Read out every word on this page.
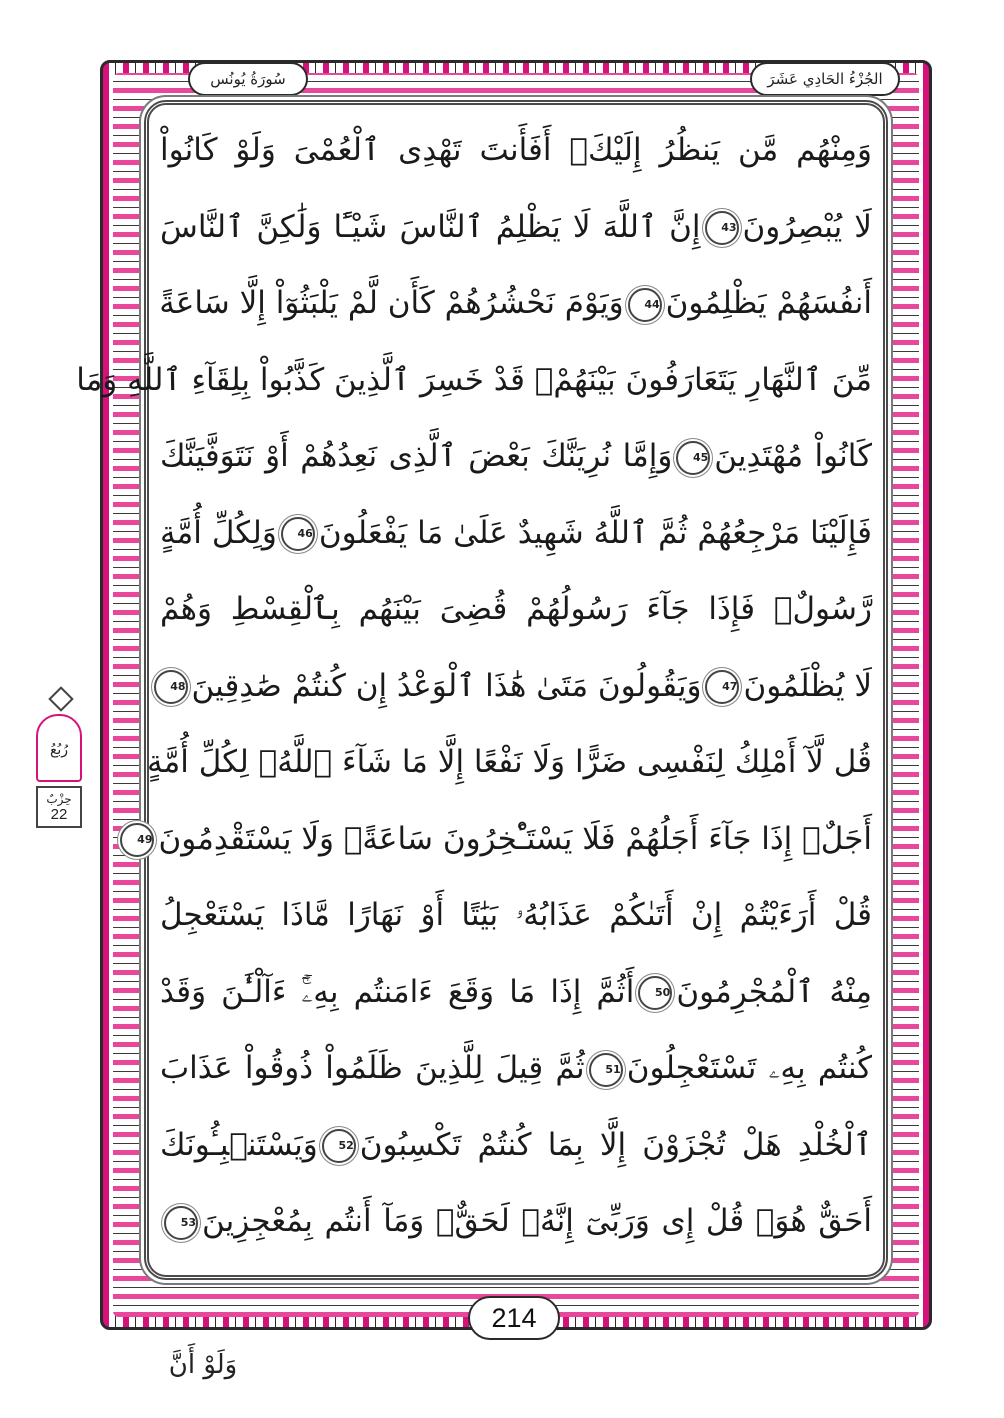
سُورَةُ يُونُس	الجُزْءُ الحَادِي عَشَرَ
وَمِنْهُم مَّن يَنظُرُ إِلَيْكَۚ أَفَأَنتَ تَهْدِى ٱلْعُمْىَ وَلَوْ كَانُواْ
لَا يُبْصِرُونَ43إِنَّ ٱللَّهَ لَا يَظْلِمُ ٱلنَّاسَ شَيْـًٔا وَلَٰكِنَّ ٱلنَّاسَ
أَنفُسَهُمْ يَظْلِمُونَ44وَيَوْمَ نَحْشُرُهُمْ كَأَن لَّمْ يَلْبَثُوٓاْ إِلَّا سَاعَةً
مِّنَ ٱلنَّهَارِ يَتَعَارَفُونَ بَيْنَهُمْۚ قَدْ خَسِرَ ٱلَّذِينَ كَذَّبُواْ بِلِقَآءِ ٱللَّهِ وَمَا
كَانُواْ مُهْتَدِينَ45وَإِمَّا نُرِيَنَّكَ بَعْضَ ٱلَّذِى نَعِدُهُمْ أَوْ نَتَوَفَّيَنَّكَ
فَإِلَيْنَا مَرْجِعُهُمْ ثُمَّ ٱللَّهُ شَهِيدٌ عَلَىٰ مَا يَفْعَلُونَ46وَلِكُلِّ أُمَّةٍ
رَّسُولٌۖ فَإِذَا جَآءَ رَسُولُهُمْ قُضِىَ بَيْنَهُم بِٱلْقِسْطِ وَهُمْ
لَا يُظْلَمُونَ47وَيَقُولُونَ مَتَىٰ هَٰذَا ٱلْوَعْدُ إِن كُنتُمْ صَٰدِقِينَ48
قُل لَّآ أَمْلِكُ لِنَفْسِى ضَرًّا وَلَا نَفْعًا إِلَّا مَا شَآءَ ٱللَّهُۗ لِكُلِّ أُمَّةٍ
أَجَلٌۚ إِذَا جَآءَ أَجَلُهُمْ فَلَا يَسْتَـْٔخِرُونَ سَاعَةًۖ وَلَا يَسْتَقْدِمُونَ49
قُلْ أَرَءَيْتُمْ إِنْ أَتَىٰكُمْ عَذَابُهُۥ بَيَٰتًا أَوْ نَهَارًا مَّاذَا يَسْتَعْجِلُ
مِنْهُ ٱلْمُجْرِمُونَ50أَثُمَّ إِذَا مَا وَقَعَ ءَامَنتُم بِهِۦٓۚ ءَآلْـَٰٔنَ وَقَدْ
كُنتُم بِهِۦ تَسْتَعْجِلُونَ51ثُمَّ قِيلَ لِلَّذِينَ ظَلَمُواْ ذُوقُواْ عَذَابَ
ٱلْخُلْدِ هَلْ تُجْزَوْنَ إِلَّا بِمَا كُنتُمْ تَكْسِبُونَ52وَيَسْتَنۢبِـُٔونَكَ
أَحَقٌّ هُوَۖ قُلْ إِى وَرَبِّىٓ إِنَّهُۥ لَحَقٌّۖ وَمَآ أَنتُم بِمُعْجِزِينَ53
رُبُعُ
حِزْبٌ
22
214
وَلَوْ أَنَّ
